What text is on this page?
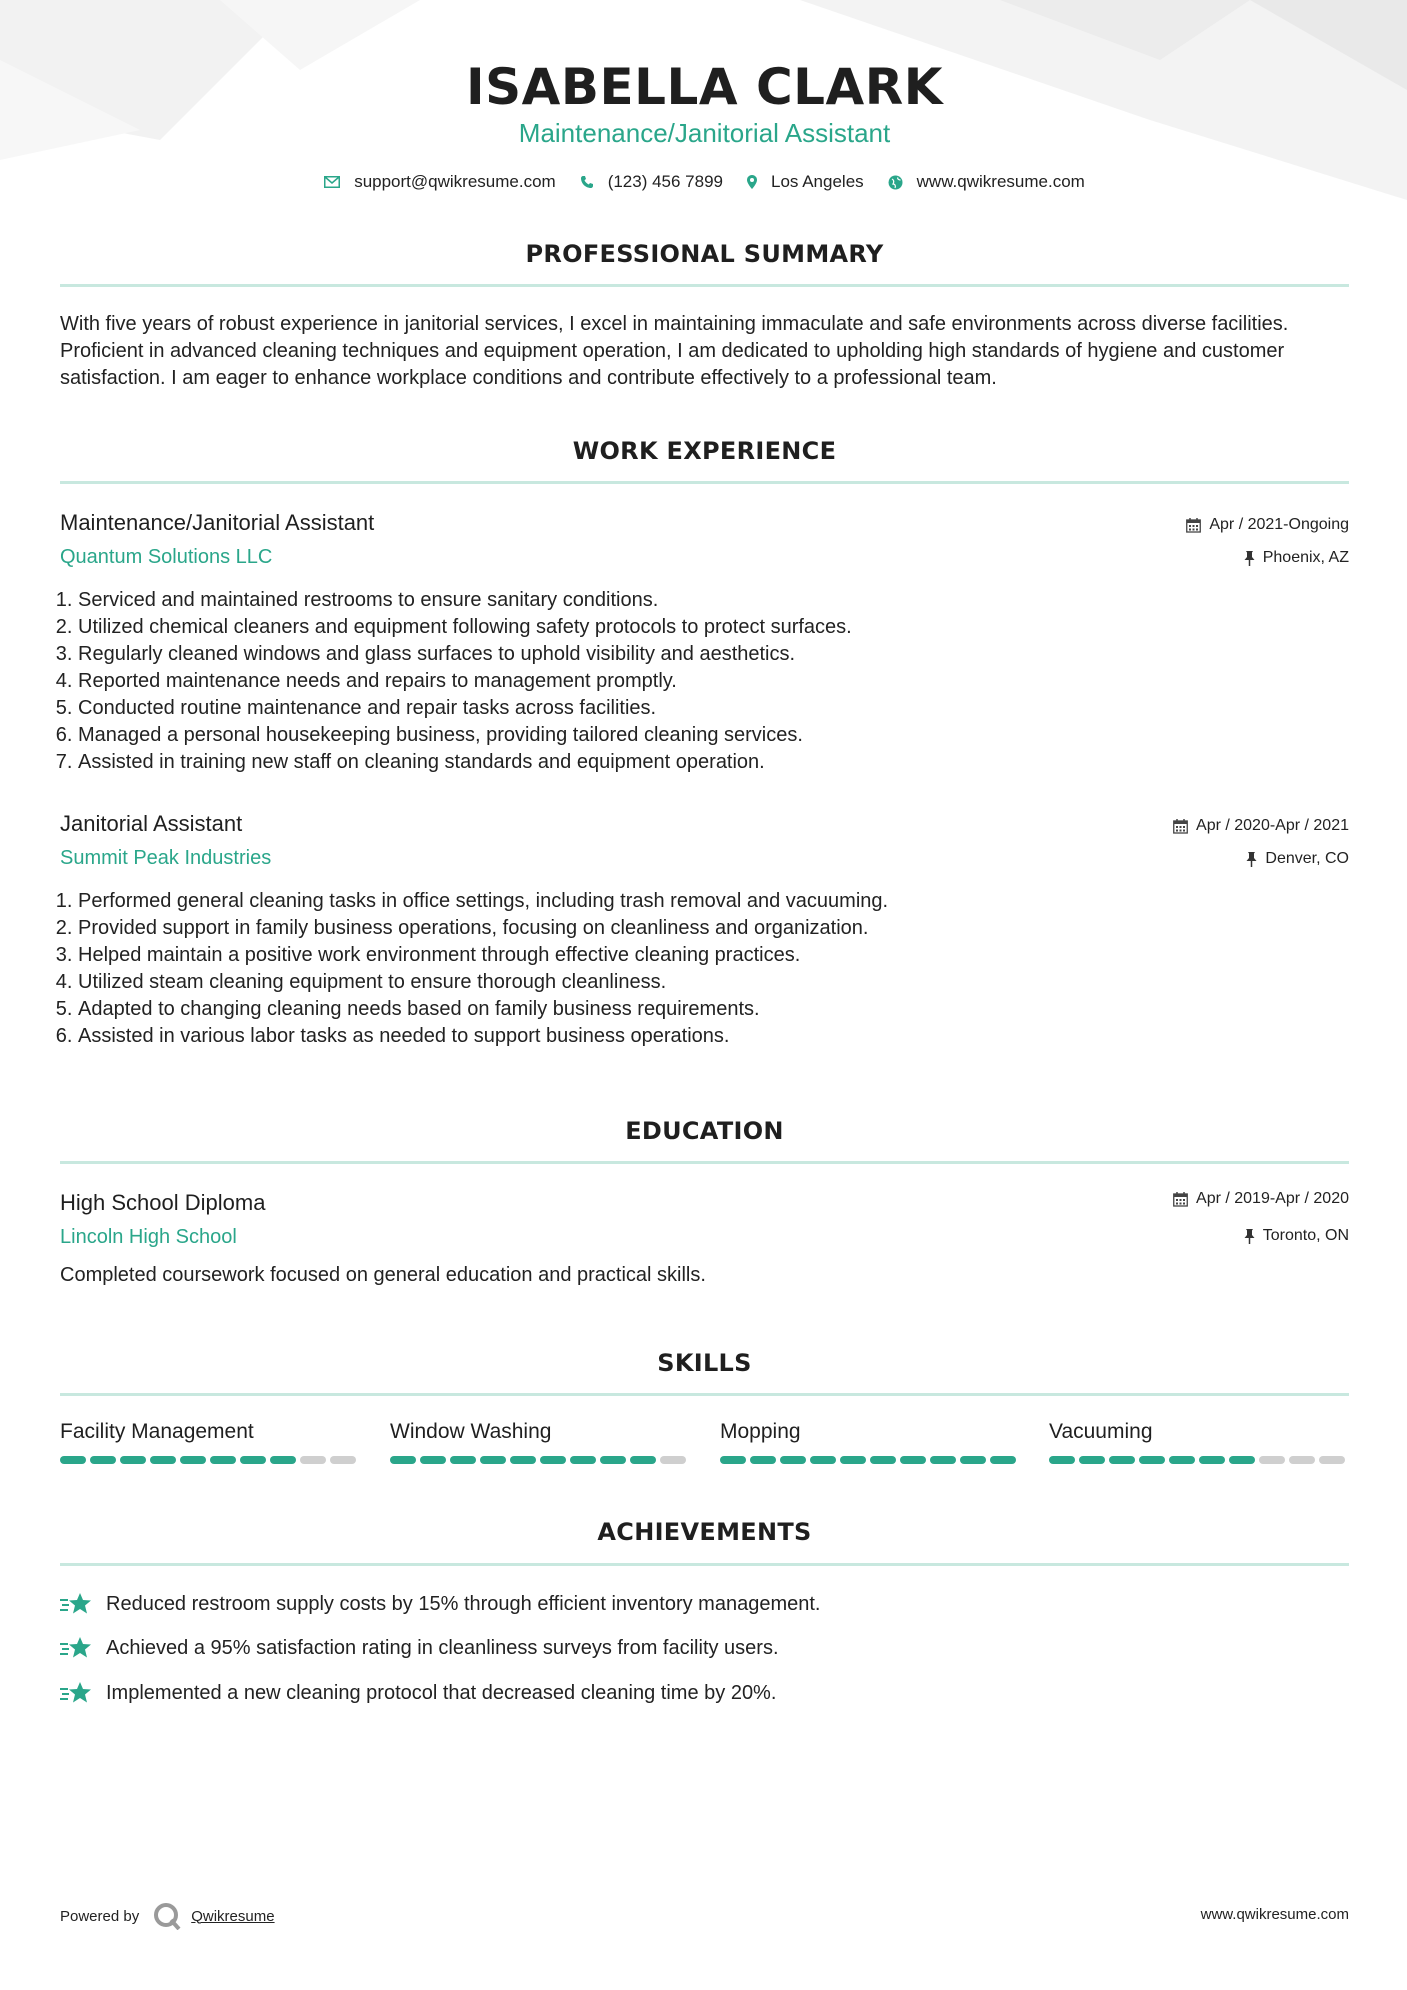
ISABELLA CLARK
Maintenance/Janitorial Assistant
support@qwikresume.com	(123) 456 7899	Los Angeles	www.qwikresume.com
PROFESSIONAL SUMMARY
With five years of robust experience in janitorial services, I excel in maintaining immaculate and safe environments across diverse facilities. Proficient in advanced cleaning techniques and equipment operation, I am dedicated to upholding high standards of hygiene and customer satisfaction. I am eager to enhance workplace conditions and contribute effectively to a professional team.
WORK EXPERIENCE
Maintenance/Janitorial Assistant
Quantum Solutions LLC
Apr / 2021-Ongoing
Phoenix, AZ
1. Serviced and maintained restrooms to ensure sanitary conditions.
2. Utilized chemical cleaners and equipment following safety protocols to protect surfaces.
3. Regularly cleaned windows and glass surfaces to uphold visibility and aesthetics.
4. Reported maintenance needs and repairs to management promptly.
5. Conducted routine maintenance and repair tasks across facilities.
6. Managed a personal housekeeping business, providing tailored cleaning services.
7. Assisted in training new staff on cleaning standards and equipment operation.
Janitorial Assistant
Summit Peak Industries
Apr / 2020-Apr / 2021
Denver, CO
1. Performed general cleaning tasks in office settings, including trash removal and vacuuming.
2. Provided support in family business operations, focusing on cleanliness and organization.
3. Helped maintain a positive work environment through effective cleaning practices.
4. Utilized steam cleaning equipment to ensure thorough cleanliness.
5. Adapted to changing cleaning needs based on family business requirements.
6. Assisted in various labor tasks as needed to support business operations.
EDUCATION
High School Diploma
Lincoln High School
Apr / 2019-Apr / 2020
Toronto, ON
Completed coursework focused on general education and practical skills.
SKILLS
Facility Management	Window Washing	Mopping	Vacuuming
ACHIEVEMENTS
Reduced restroom supply costs by 15% through efficient inventory management.
Achieved a 95% satisfaction rating in cleanliness surveys from facility users.
Implemented a new cleaning protocol that decreased cleaning time by 20%.
Powered by	Qwikresume	www.qwikresume.com
